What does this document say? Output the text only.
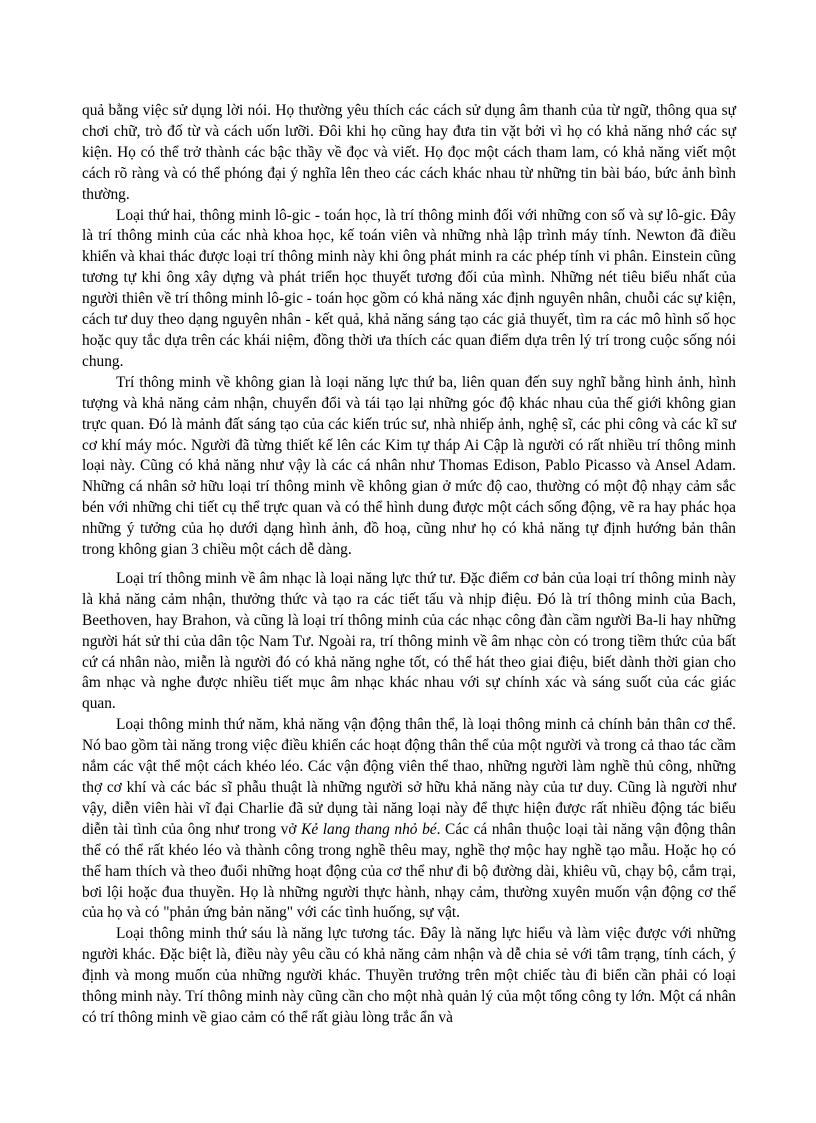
quả bằng việc sử dụng lời nói. Họ thường yêu thích các cách sử dụng âm thanh của từ ngữ, thông qua sự chơi chữ, trò đố từ và cách uốn lưỡi. Đôi khi họ cũng hay đưa tin vặt bởi vì họ có khả năng nhớ các sự kiện. Họ có thể trở thành các bậc thầy về đọc và viết. Họ đọc một cách tham lam, có khả năng viết một cách rõ ràng và có thể phóng đại ý nghĩa lên theo các cách khác nhau từ những tin bài báo, bức ảnh bình thường.

Loại thứ hai, thông minh lô-gic - toán học, là trí thông minh đối với những con số và sự lô-gic. Đây là trí thông minh của các nhà khoa học, kế toán viên và những nhà lập trình máy tính. Newton đã điều khiển và khai thác được loại trí thông minh này khi ông phát minh ra các phép tính vi phân. Einstein cũng tương tự khi ông xây dựng và phát triển học thuyết tương đối của mình. Những nét tiêu biểu nhất của người thiên về trí thông minh lô-gic - toán học gồm có khả năng xác định nguyên nhân, chuỗi các sự kiện, cách tư duy theo dạng nguyên nhân - kết quả, khả năng sáng tạo các giả thuyết, tìm ra các mô hình số học hoặc quy tắc dựa trên các khái niệm, đồng thời ưa thích các quan điểm dựa trên lý trí trong cuộc sống nói chung.

Trí thông minh về không gian là loại năng lực thứ ba, liên quan đến suy nghĩ bằng hình ảnh, hình tượng và khả năng cảm nhận, chuyển đổi và tái tạo lại những góc độ khác nhau của thế giới không gian trực quan. Đó là mảnh đất sáng tạo của các kiến trúc sư, nhà nhiếp ảnh, nghệ sĩ, các phi công và các kĩ sư cơ khí máy móc. Người đã từng thiết kế lên các Kim tự tháp Ai Cập là người có rất nhiều trí thông minh loại này. Cũng có khả năng như vậy là các cá nhân như Thomas Edison, Pablo Picasso và Ansel Adam. Những cá nhân sở hữu loại trí thông minh về không gian ở mức độ cao, thường có một độ nhạy cảm sắc bén với những chi tiết cụ thể trực quan và có thể hình dung được một cách sống động, vẽ ra hay phác họa những ý tưởng của họ dưới dạng hình ảnh, đồ hoạ, cũng như họ có khả năng tự định hướng bản thân trong không gian 3 chiều một cách dễ dàng.

Loại trí thông minh về âm nhạc là loại năng lực thứ tư. Đặc điểm cơ bản của loại trí thông minh này là khả năng cảm nhận, thưởng thức và tạo ra các tiết tấu và nhịp điệu. Đó là trí thông minh của Bach, Beethoven, hay Brahon, và cũng là loại trí thông minh của các nhạc công đàn cầm người Ba-li hay những người hát sử thi của dân tộc Nam Tư. Ngoài ra, trí thông minh về âm nhạc còn có trong tiềm thức của bất cứ cá nhân nào, miễn là người đó có khả năng nghe tốt, có thể hát theo giai điệu, biết dành thời gian cho âm nhạc và nghe được nhiều tiết mục âm nhạc khác nhau với sự chính xác và sáng suốt của các giác quan.

Loại thông minh thứ năm, khả năng vận động thân thể, là loại thông minh cả chính bản thân cơ thể. Nó bao gồm tài năng trong việc điều khiển các hoạt động thân thể của một người và trong cả thao tác cầm nắm các vật thể một cách khéo léo. Các vận động viên thể thao, những người làm nghề thủ công, những thợ cơ khí và các bác sĩ phẫu thuật là những người sở hữu khả năng này của tư duy. Cũng là người như vậy, diễn viên hài vĩ đại Charlie đã sử dụng tài năng loại này để thực hiện được rất nhiều động tác biểu diễn tài tình của ông như trong vở Kẻ lang thang nhỏ bé. Các cá nhân thuộc loại tài năng vận động thân thể có thể rất khéo léo và thành công trong nghề thêu may, nghề thợ mộc hay nghề tạo mẫu. Hoặc họ có thể ham thích và theo đuổi những hoạt động của cơ thể như đi bộ đường dài, khiêu vũ, chạy bộ, cắm trại, bơi lội hoặc đua thuyền. Họ là những người thực hành, nhạy cảm, thường xuyên muốn vận động cơ thể của họ và có "phản ứng bản năng" với các tình huống, sự vật.

Loại thông minh thứ sáu là năng lực tương tác. Đây là năng lực hiểu và làm việc được với những người khác. Đặc biệt là, điều này yêu cầu có khả năng cảm nhận và dễ chia sẻ với tâm trạng, tính cách, ý định và mong muốn của những người khác. Thuyền trưởng trên một chiếc tàu đi biển cần phải có loại thông minh này. Trí thông minh này cũng cần cho một nhà quản lý của một tổng công ty lớn. Một cá nhân có trí thông minh về giao cảm có thể rất giàu lòng trắc ẩn và
